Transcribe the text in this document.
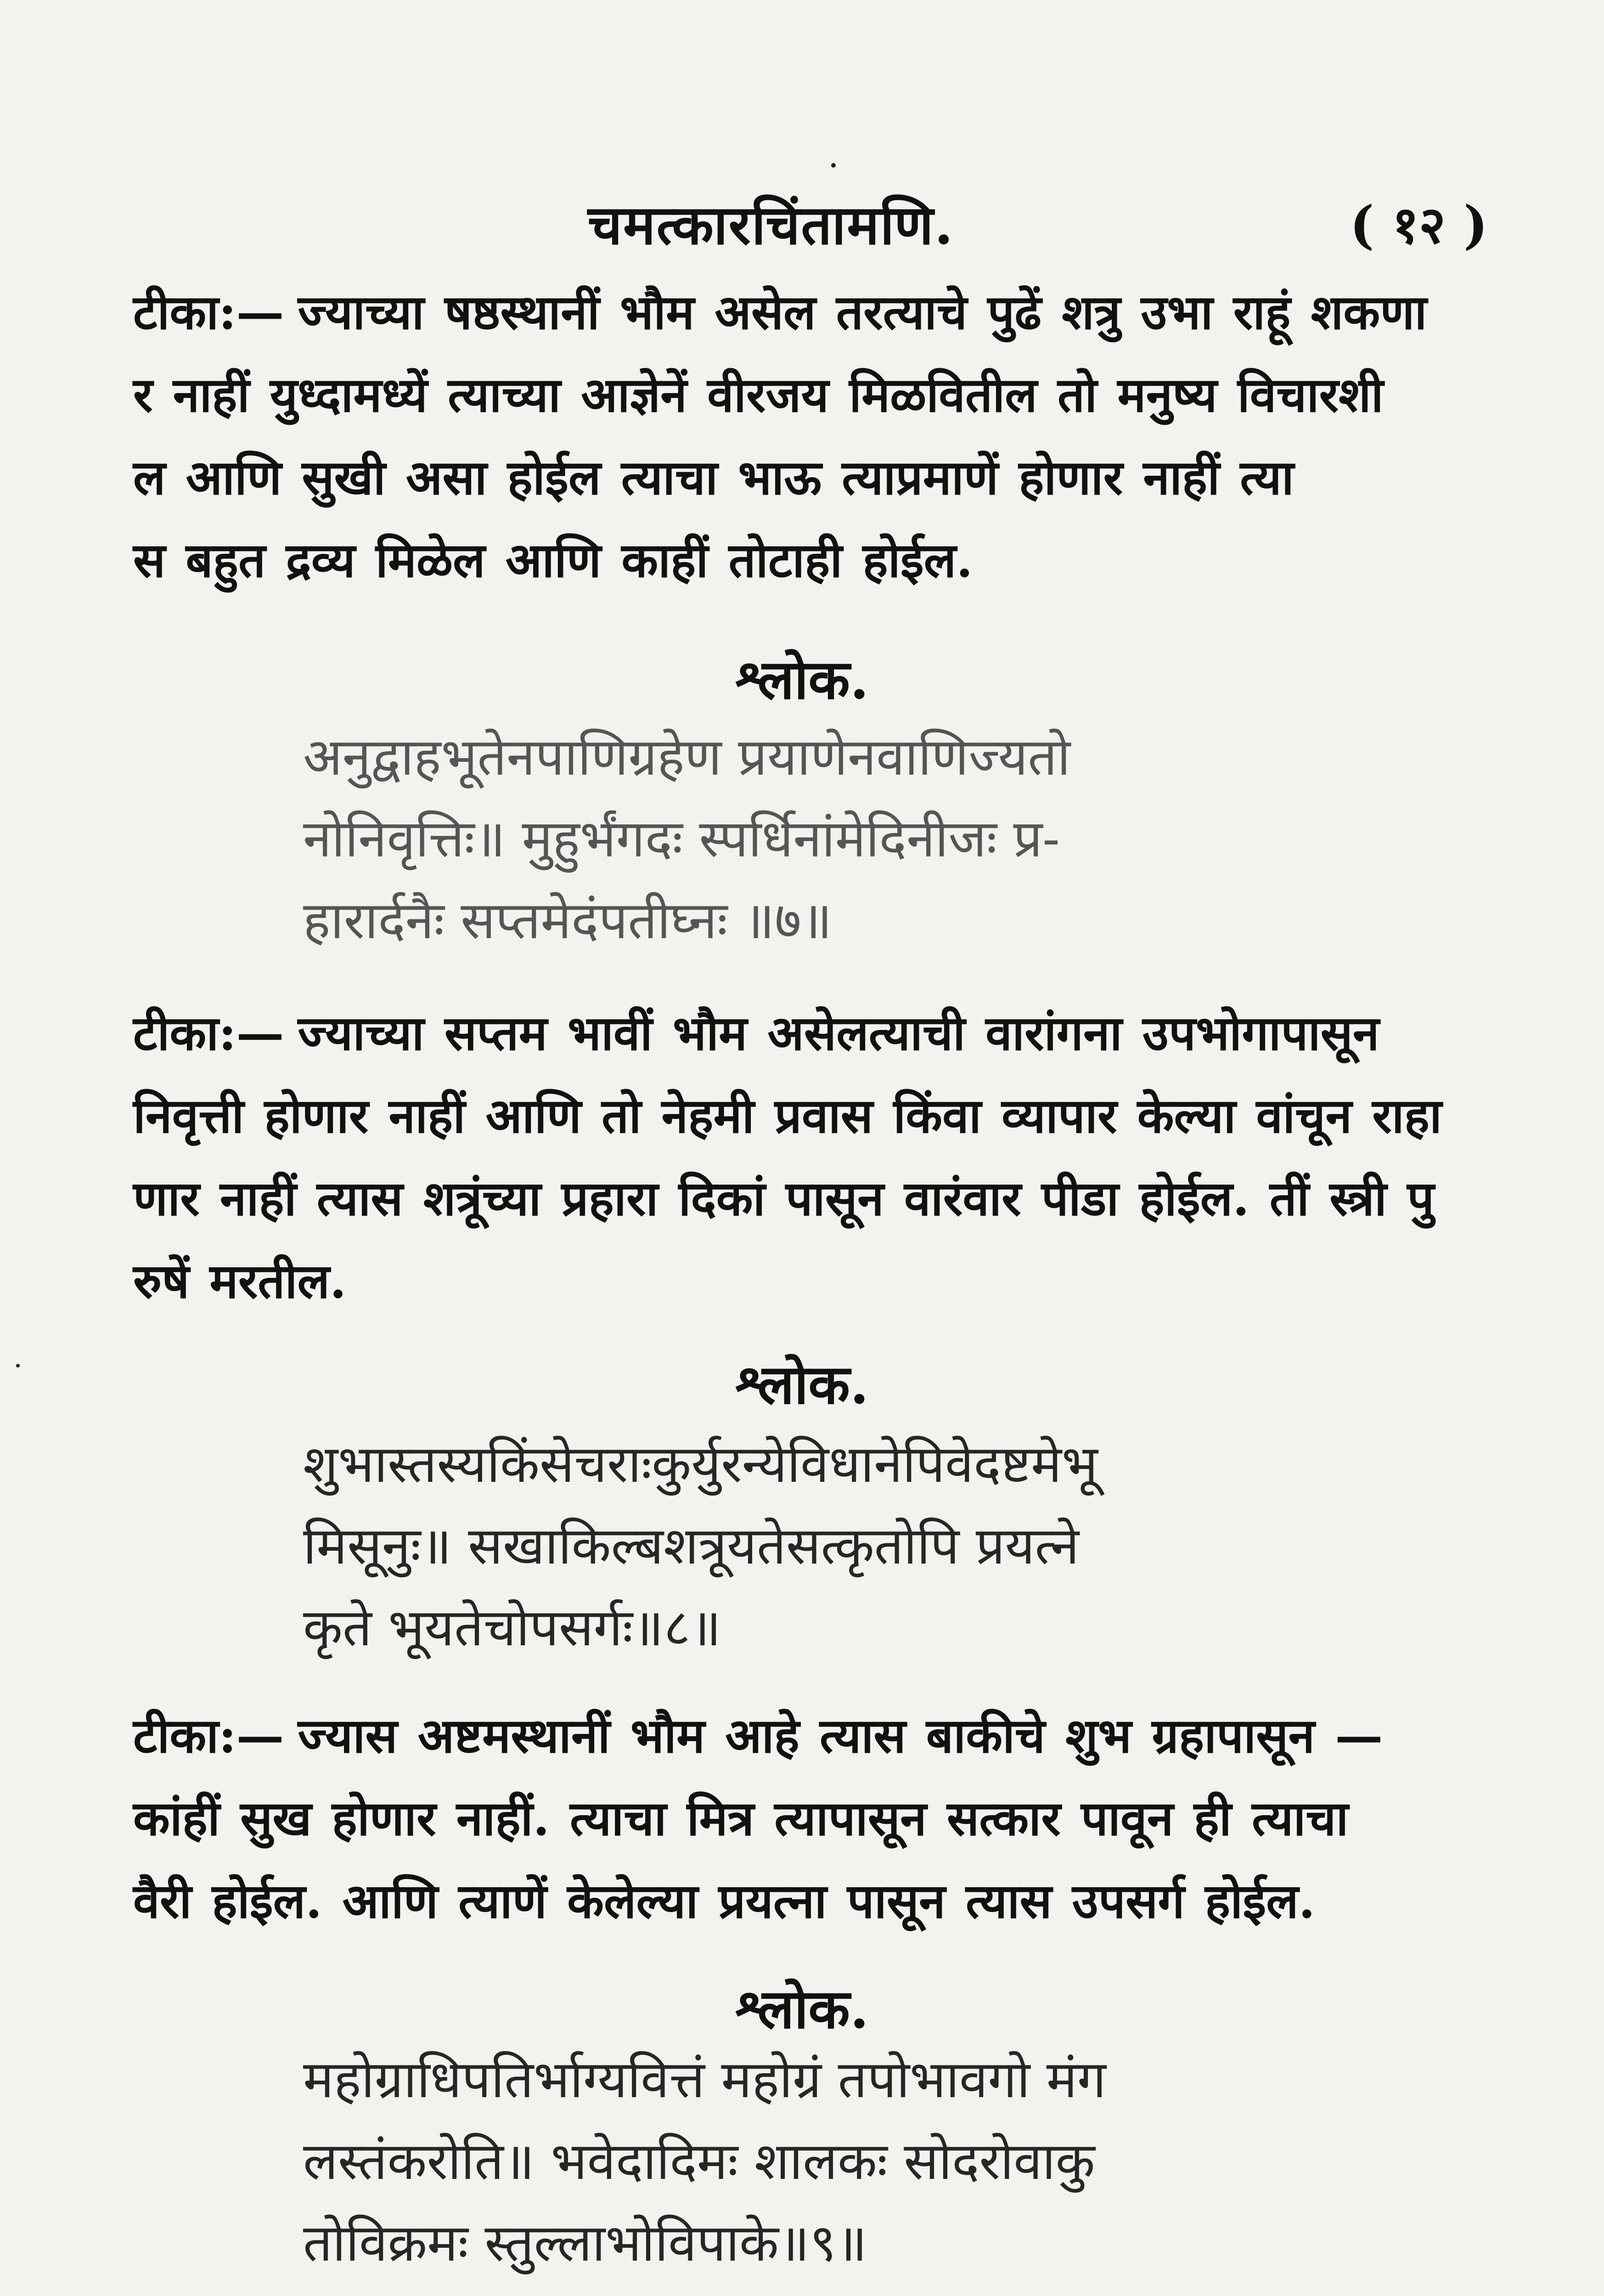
चमत्कारचिंतामणि.	( १२ )
टीका:— ज्याच्या षष्ठस्थानीं भौम असेल तरत्याचे पुढें शत्रु उभा राहूं शकणा
र नाहीं युध्दामध्यें त्याच्या आज्ञेनें वीरजय मिळवितील तो मनुष्य विचारशी
ल आणि सुखी असा होईल त्याचा भाऊ त्याप्रमाणें होणार नाहीं त्या
स बहुत द्रव्य मिळेल आणि काहीं तोटाही होईल.
श्लोक.
अनुद्वाहभूतेनपाणिग्रहेण प्रयाणेनवाणिज्यतो
नोनिवृत्तिः॥ मुहुर्भंगदः स्पर्धिनांमेदिनीजः प्र-
हारार्दनैः सप्तमेदंपतीघ्नः ॥७॥
टीका:— ज्याच्या सप्तम भावीं भौम असेलत्याची वारांगना उपभोगापासून
निवृत्ती होणार नाहीं आणि तो नेहमी प्रवास किंवा व्यापार केल्या वांचून राहा
णार नाहीं त्यास शत्रूंच्या प्रहारा दिकां पासून वारंवार पीडा होईल. तीं स्त्री पु
रुषें मरतील.
श्लोक.
शुभास्तस्यकिंसेचराःकुर्युरन्येविधानेपिवेदष्टमेभू
मिसूनुः॥ सखाकिल्बशत्रूयतेसत्कृतोपि प्रयत्ने
कृते भूयतेचोपसर्गः॥८॥
टीका:— ज्यास अष्टमस्थानीं भौम आहे त्यास बाकीचे शुभ ग्रहापासून —
कांहीं सुख होणार नाहीं. त्याचा मित्र त्यापासून सत्कार पावून ही त्याचा
वैरी होईल. आणि त्याणें केलेल्या प्रयत्ना पासून त्यास उपसर्ग होईल.
श्लोक.
महोग्राधिपतिर्भाग्यवित्तं महोग्रं तपोभावगो मंग
लस्तंकरोति॥ भवेदादिमः शालकः सोदरोवाकु
तोविक्रमः स्तुल्लाभोविपाके॥९॥
